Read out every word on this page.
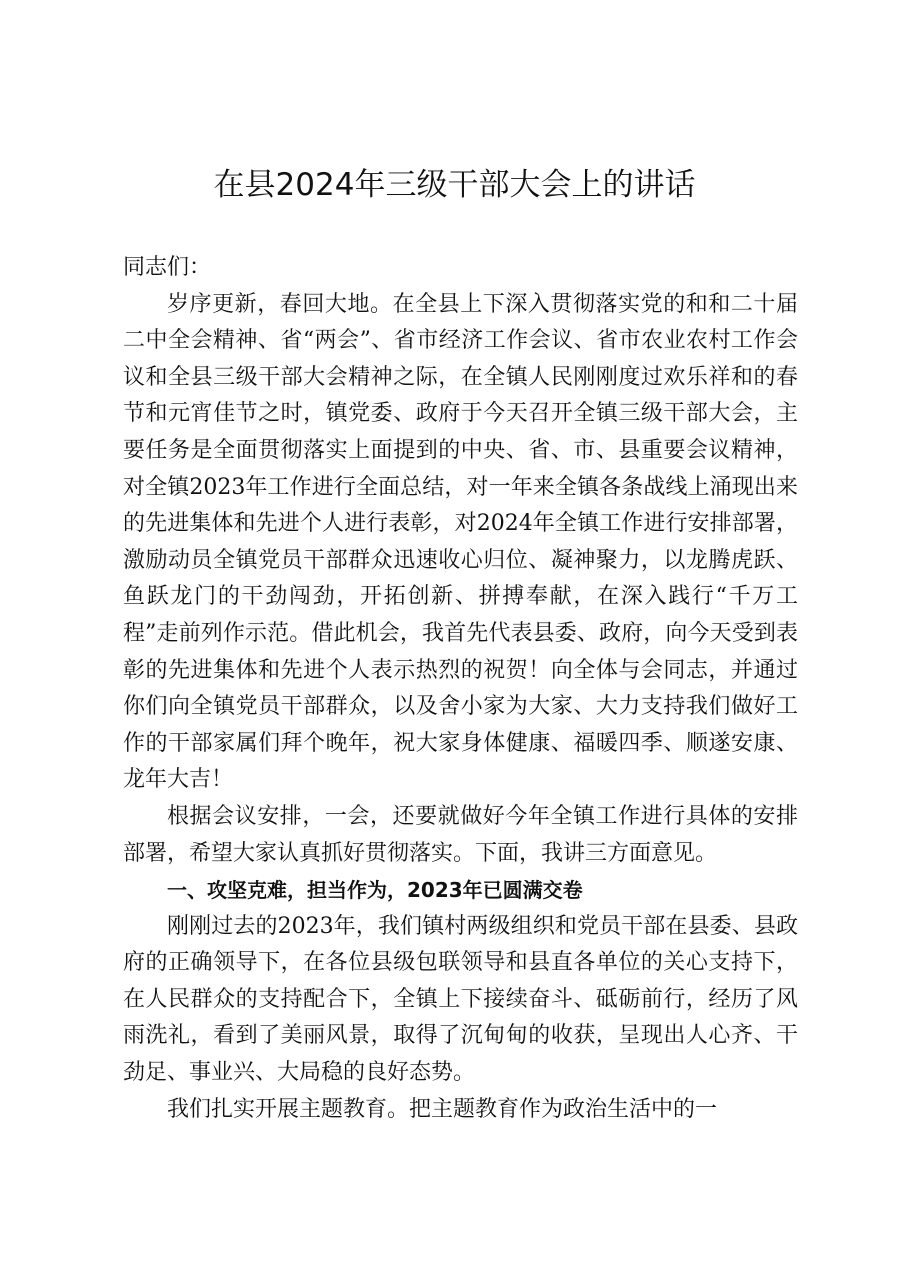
在县2024年三级干部大会上的讲话

同志们：

岁序更新，春回大地。在全县上下深入贯彻落实党的和和二十届二中全会精神、省“两会”、省市经济工作会议、省市农业农村工作会议和全县三级干部大会精神之际，在全镇人民刚刚度过欢乐祥和的春节和元宵佳节之时，镇党委、政府于今天召开全镇三级干部大会，主要任务是全面贯彻落实上面提到的中央、省、市、县重要会议精神，对全镇2023年工作进行全面总结，对一年来全镇各条战线上涌现出来的先进集体和先进个人进行表彰，对2024年全镇工作进行安排部署，激励动员全镇党员干部群众迅速收心归位、凝神聚力，以龙腾虎跃、鱼跃龙门的干劲闯劲，开拓创新、拼搏奉献，在深入践行“千万工程”走前列作示范。借此机会，我首先代表县委、政府，向今天受到表彰的先进集体和先进个人表示热烈的祝贺！向全体与会同志，并通过你们向全镇党员干部群众，以及舍小家为大家、大力支持我们做好工作的干部家属们拜个晚年，祝大家身体健康、福暖四季、顺遂安康、龙年大吉！

根据会议安排，一会，还要就做好今年全镇工作进行具体的安排部署，希望大家认真抓好贯彻落实。下面，我讲三方面意见。

一、攻坚克难，担当作为，2023年已圆满交卷

刚刚过去的2023年，我们镇村两级组织和党员干部在县委、县政府的正确领导下，在各位县级包联领导和县直各单位的关心支持下，在人民群众的支持配合下，全镇上下接续奋斗、砥砺前行，经历了风雨洗礼，看到了美丽风景，取得了沉甸甸的收获，呈现出人心齐、干劲足、事业兴、大局稳的良好态势。

我们扎实开展主题教育。把主题教育作为政治生活中的一
